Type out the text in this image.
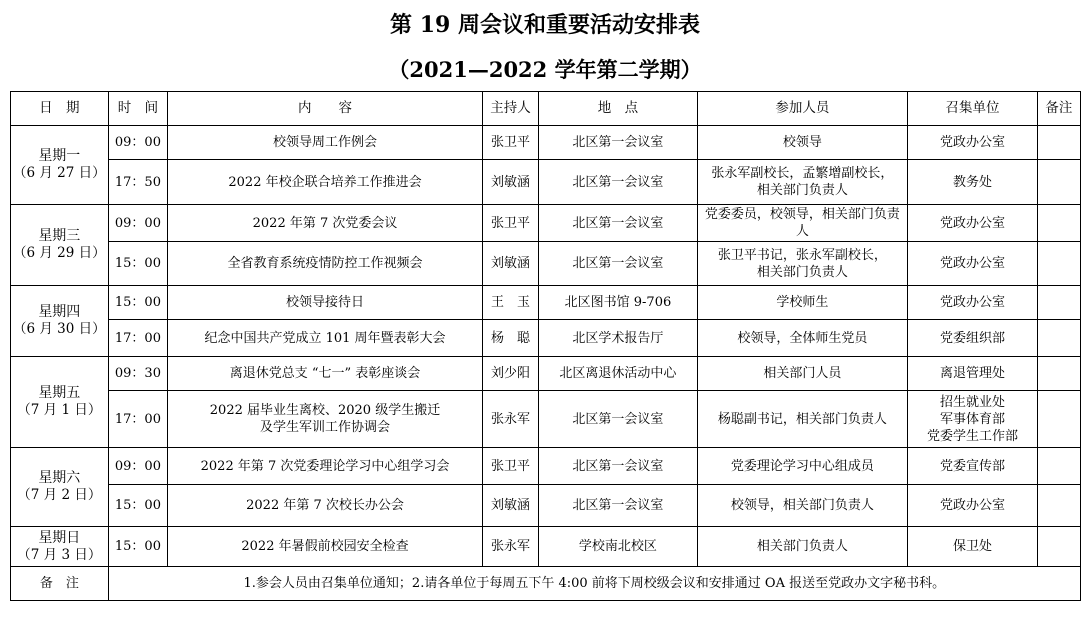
第 19 周会议和重要活动安排表
（2021—2022 学年第二学期）
日　期	时　间	内　　容	主持人	地　点	参加人员	召集单位	备注

星期一
（6 月 27 日）	09：00	校领导周工作例会	张卫平	北区第一会议室	校领导	党政办公室	
	17：50	2022 年校企联合培养工作推进会	刘敏涵	北区第一会议室	张永军副校长，孟繁增副校长，
相关部门负责人	教务处	

星期三
（6 月 29 日）	09：00	2022 年第 7 次党委会议	张卫平	北区第一会议室	党委委员，校领导，相关部门负责人	党政办公室	
	15：00	全省教育系统疫情防控工作视频会	刘敏涵	北区第一会议室	张卫平书记，张永军副校长，
相关部门负责人	党政办公室	

星期四
（6 月 30 日）	15：00	校领导接待日	王　玉	北区图书馆 9-706	学校师生	党政办公室	
	17：00	纪念中国共产党成立 101 周年暨表彰大会	杨　聪	北区学术报告厅	校领导，全体师生党员	党委组织部	

星期五
（7 月 1 日）	09：30	离退休党总支 “七一” 表彰座谈会	刘少阳	北区离退休活动中心	相关部门人员	离退管理处	
	17：00	2022 届毕业生离校、2020 级学生搬迁
及学生军训工作协调会	张永军	北区第一会议室	杨聪副书记，相关部门负责人	招生就业处
军事体育部
党委学生工作部	

星期六
（7 月 2 日）	09：00	2022 年第 7 次党委理论学习中心组学习会	张卫平	北区第一会议室	党委理论学习中心组成员	党委宣传部	
	15：00	2022 年第 7 次校长办公会	刘敏涵	北区第一会议室	校领导，相关部门负责人	党政办公室	

星期日
（7 月 3 日）	15：00	2022 年暑假前校园安全检查	张永军	学校南北校区	相关部门负责人	保卫处	
备　注	1.参会人员由召集单位通知；2.请各单位于每周五下午 4:00 前将下周校级会议和安排通过 OA 报送至党政办文字秘书科。						
